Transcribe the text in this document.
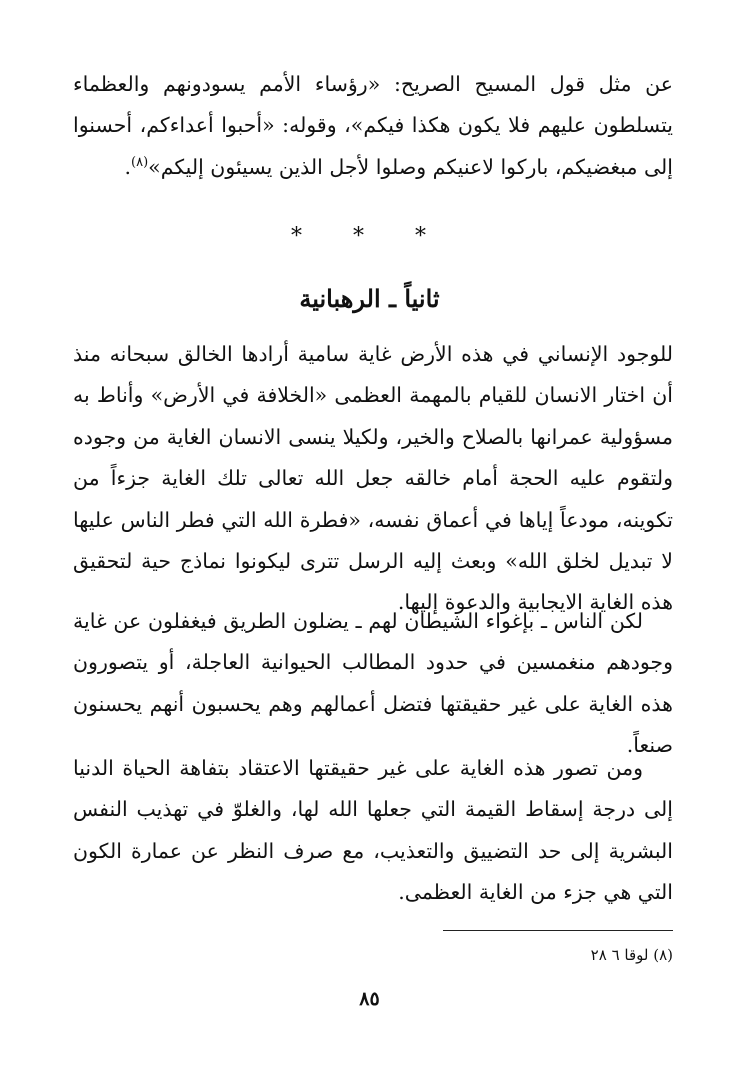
عن مثل قول المسيح الصريح: «رؤساء الأمم يسودونهم والعظماء يتسلطون عليهم فلا يكون هكذا فيكم»، وقوله: «أحبوا أعداءكم، أحسنوا إلى مبغضيكم، باركوا لاعنيكم وصلوا لأجل الذين يسيئون إليكم»$^{(٨)}$.

* * *
ثانياً ـ الرهبانية

للوجود الإنساني في هذه الأرض غاية سامية أرادها الخالق سبحانه منذ أن اختار الانسان للقيام بالمهمة العظمى «الخلافة في الأرض» وأناط به مسؤولية عمرانها بالصلاح والخير، ولكيلا ينسى الانسان الغاية من وجوده ولتقوم عليه الحجة أمام خالقه جعل الله تعالى تلك الغاية جزءاً من تكوينه، مودعاً إياها في أعماق نفسه، «فطرة الله التي فطر الناس عليها لا تبديل لخلق الله» وبعث إليه الرسل تترى ليكونوا نماذج حية لتحقيق هذه الغاية الايجابية والدعوة إليها.

لكن الناس ـ بإغواء الشيطان لهم ـ يضلون الطريق فيغفلون عن غاية وجودهم منغمسين في حدود المطالب الحيوانية العاجلة، أو يتصورون هذه الغاية على غير حقيقتها فتضل أعمالهم وهم يحسبون أنهم يحسنون صنعاً.

ومن تصور هذه الغاية على غير حقيقتها الاعتقاد بتفاهة الحياة الدنيا إلى درجة إسقاط القيمة التي جعلها الله لها، والغلوّ في تهذيب النفس البشرية إلى حد التضييق والتعذيب، مع صرف النظر عن عمارة الكون التي هي جزء من الغاية العظمى.

(٨) لوقا ٦ ٢٨
٨٥
